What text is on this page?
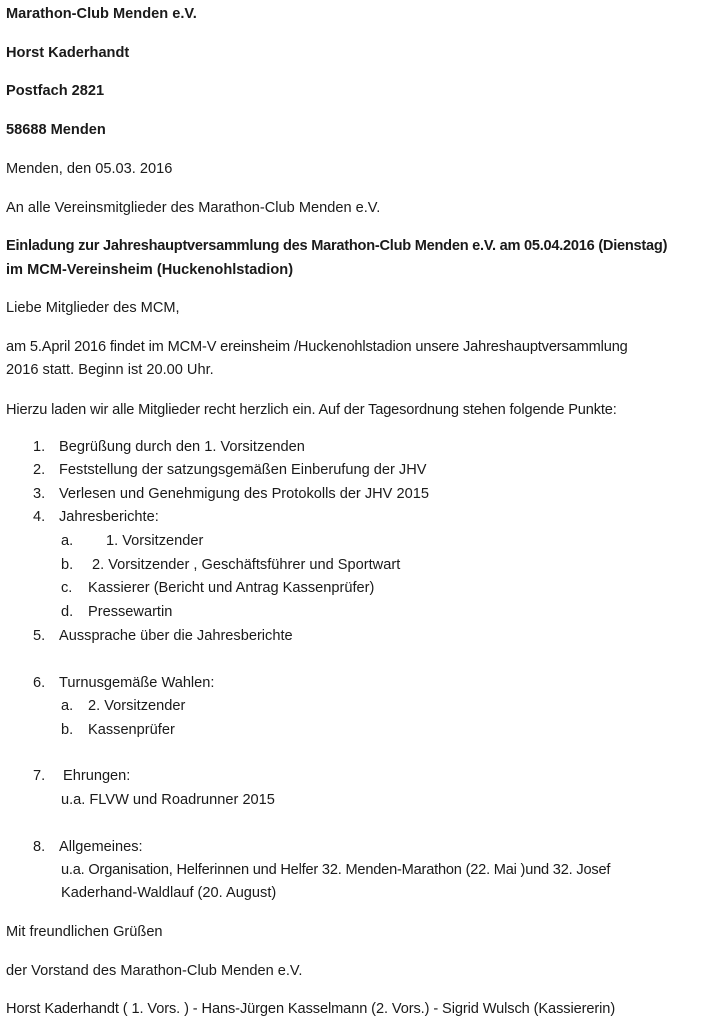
Marathon-Club Menden e.V.
Horst Kaderhandt
Postfach 2821
58688 Menden
Menden, den 05.03. 2016
An alle Vereinsmitglieder des Marathon-Club Menden e.V.
Einladung zur Jahreshauptversammlung des Marathon-Club Menden e.V. am 05.04.2016 (Dienstag)
im MCM-Vereinsheim (Huckenohlstadion)
Liebe Mitglieder des MCM,
am 5.April 2016 findet im MCM-V ereinsheim /Huckenohlstadion unsere Jahreshauptversammlung
2016 statt. Beginn ist 20.00 Uhr.
Hierzu laden wir alle Mitglieder recht herzlich ein. Auf der Tagesordnung stehen folgende Punkte:
1. Begrüßung durch den 1. Vorsitzenden
2. Feststellung der satzungsgemäßen Einberufung der JHV
3. Verlesen und Genehmigung des Protokolls der JHV 2015
4. Jahresberichte:
a. 1. Vorsitzender
b. 2. Vorsitzender , Geschäftsführer und Sportwart
c. Kassierer (Bericht und Antrag Kassenprüfer)
d. Pressewartin
5. Aussprache über die Jahresberichte
6. Turnusgemäße Wahlen:
a. 2. Vorsitzender
b. Kassenprüfer
7. Ehrungen:
u.a. FLVW und Roadrunner 2015
8. Allgemeines:
u.a. Organisation, Helferinnen und Helfer 32. Menden-Marathon (22. Mai )und 32. Josef
Kaderhand-Waldlauf (20. August)
Mit freundlichen Grüßen
der Vorstand des Marathon-Club Menden e.V.
Horst Kaderhandt ( 1. Vors. ) - Hans-Jürgen Kasselmann (2. Vors.) - Sigrid Wulsch (Kassiererin)
